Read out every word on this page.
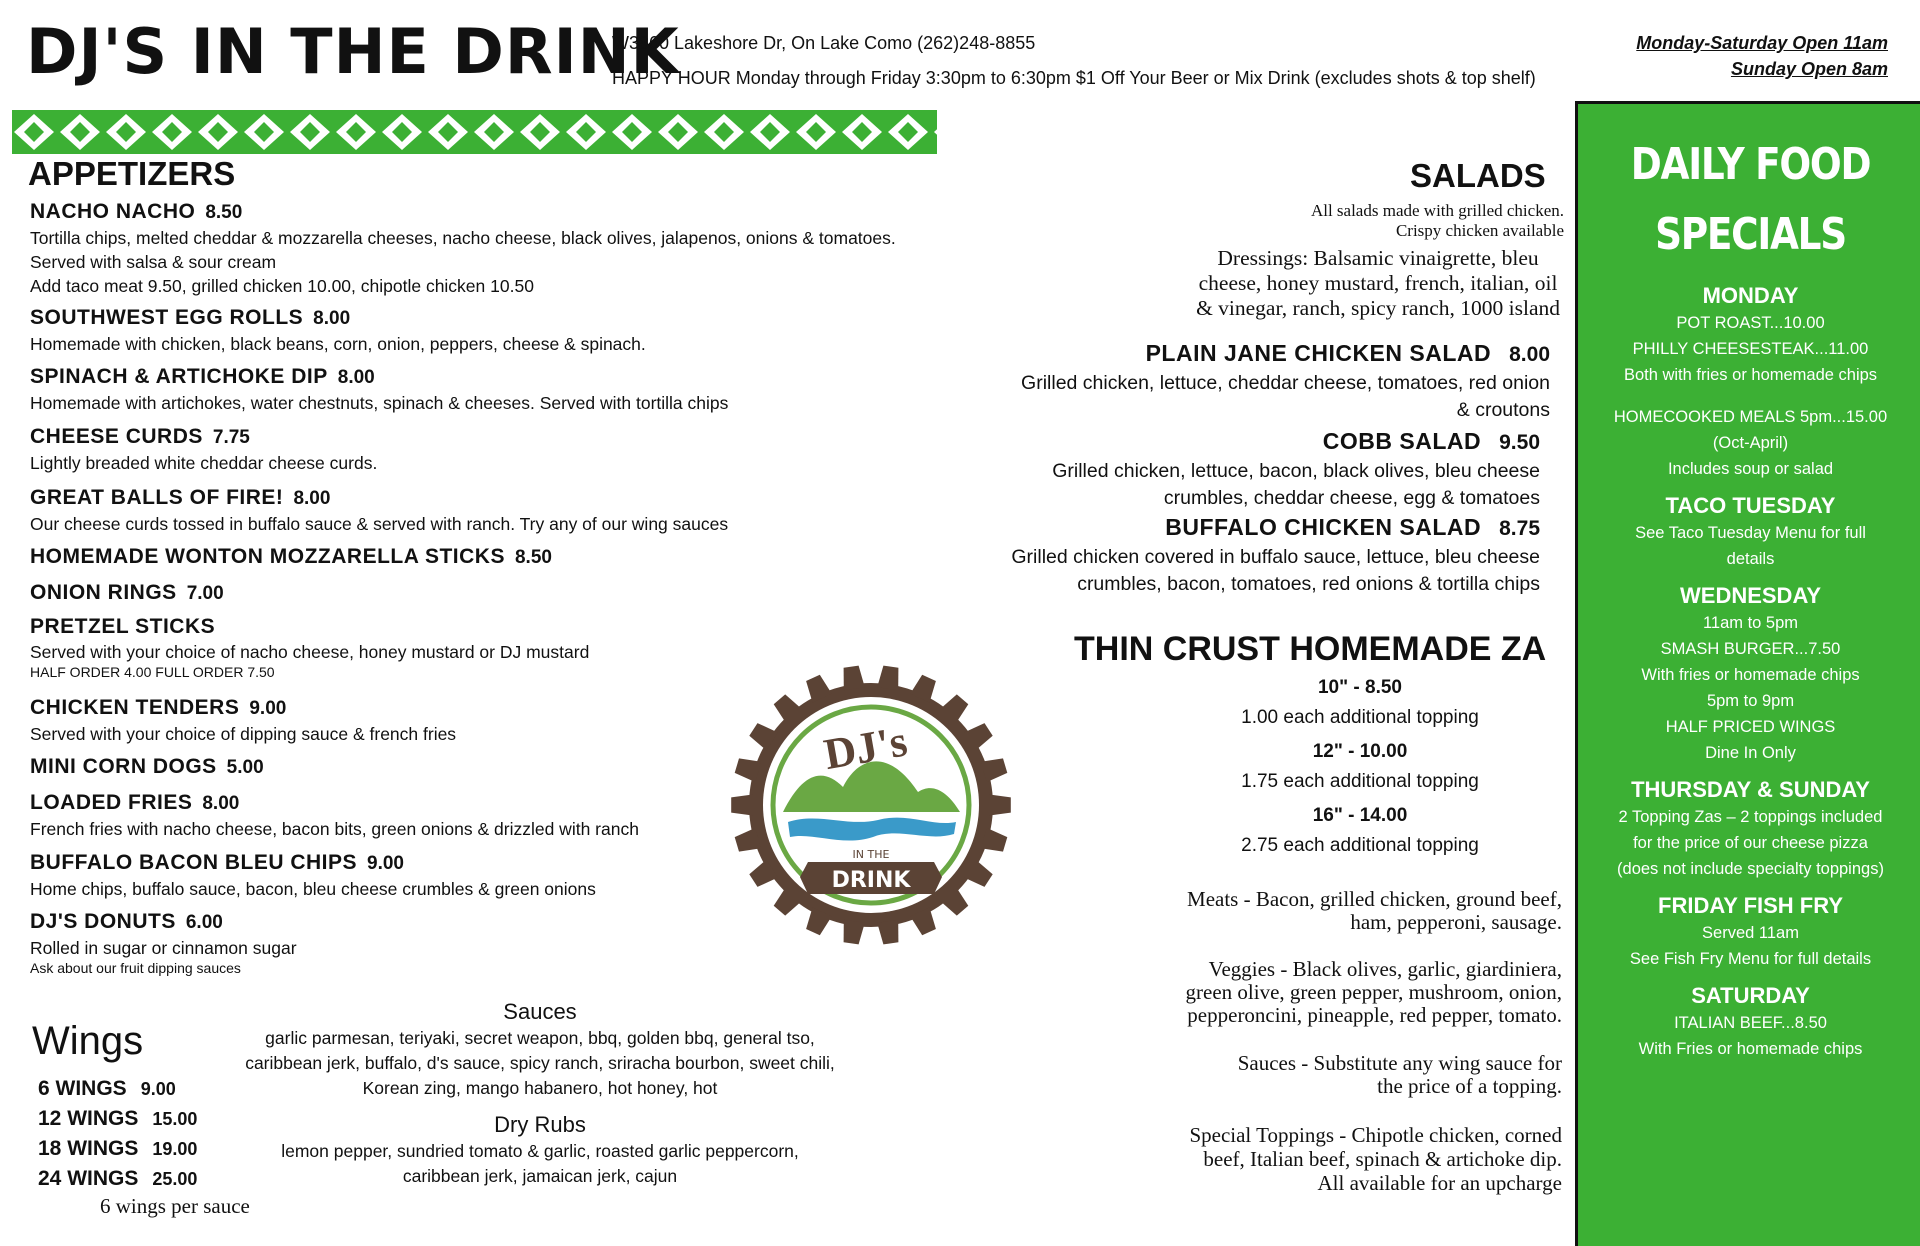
DJ'S IN THE DRINK
W3860 Lakeshore Dr, On Lake Como (262)248-8855
HAPPY HOUR Monday through Friday 3:30pm to 6:30pm $1 Off Your Beer or Mix Drink (excludes shots & top shelf)
Monday-Saturday Open 11am
Sunday Open 8am
APPETIZERS
NACHO NACHO 8.50
Tortilla chips, melted cheddar & mozzarella cheeses, nacho cheese, black olives, jalapenos, onions & tomatoes. Served with salsa & sour cream
Add taco meat 9.50, grilled chicken 10.00, chipotle chicken 10.50
SOUTHWEST EGG ROLLS 8.00
Homemade with chicken, black beans, corn, onion, peppers, cheese & spinach.
SPINACH & ARTICHOKE DIP 8.00
Homemade with artichokes, water chestnuts, spinach & cheeses. Served with tortilla chips
CHEESE CURDS 7.75
Lightly breaded white cheddar cheese curds.
GREAT BALLS OF FIRE! 8.00
Our cheese curds tossed in buffalo sauce & served with ranch. Try any of our wing sauces
HOMEMADE WONTON MOZZARELLA STICKS 8.50
ONION RINGS 7.00
PRETZEL STICKS
Served with your choice of nacho cheese, honey mustard or DJ mustard
HALF ORDER 4.00 FULL ORDER 7.50
CHICKEN TENDERS 9.00
Served with your choice of dipping sauce & french fries
MINI CORN DOGS 5.00
LOADED FRIES 8.00
French fries with nacho cheese, bacon bits, green onions & drizzled with ranch
BUFFALO BACON BLEU CHIPS 9.00
Home chips, buffalo sauce, bacon, bleu cheese crumbles & green onions
DJ'S DONUTS 6.00
Rolled in sugar or cinnamon sugar
Ask about our fruit dipping sauces
DJ's
IN THE
DRINK
Wings
6 WINGS 9.00
12 WINGS 15.00
18 WINGS 19.00
24 WINGS 25.00
6 wings per sauce
Sauces
garlic parmesan, teriyaki, secret weapon, bbq, golden bbq, general tso,
caribbean jerk, buffalo, d's sauce, spicy ranch, sriracha bourbon, sweet chili,
Korean zing, mango habanero, hot honey, hot
Dry Rubs
lemon pepper, sundried tomato & garlic, roasted garlic peppercorn,
caribbean jerk, jamaican jerk, cajun
SALADS
All salads made with grilled chicken.
Crispy chicken available
Dressings: Balsamic vinaigrette, bleu
cheese, honey mustard, french, italian, oil
& vinegar, ranch, spicy ranch, 1000 island
PLAIN JANE CHICKEN SALAD 8.00
Grilled chicken, lettuce, cheddar cheese, tomatoes, red onion
& croutons
COBB SALAD 9.50
Grilled chicken, lettuce, bacon, black olives, bleu cheese
crumbles, cheddar cheese, egg & tomatoes
BUFFALO CHICKEN SALAD 8.75
Grilled chicken covered in buffalo sauce, lettuce, bleu cheese
crumbles, bacon, tomatoes, red onions & tortilla chips
THIN CRUST HOMEMADE ZA
10" - 8.50
1.00 each additional topping
12" - 10.00
1.75 each additional topping
16" - 14.00
2.75 each additional topping
Meats - Bacon, grilled chicken, ground beef,
ham, pepperoni, sausage.
Veggies - Black olives, garlic, giardiniera,
green olive, green pepper, mushroom, onion,
pepperoncini, pineapple, red pepper, tomato.
Sauces - Substitute any wing sauce for
the price of a topping.
Special Toppings - Chipotle chicken, corned
beef, Italian beef, spinach & artichoke dip.
All available for an upcharge
DAILY FOOD
SPECIALS
MONDAY
POT ROAST...10.00
PHILLY CHEESESTEAK...11.00
Both with fries or homemade chips
HOMECOOKED MEALS 5pm...15.00
(Oct-April)
Includes soup or salad
TACO TUESDAY
See Taco Tuesday Menu for full
details
WEDNESDAY
11am to 5pm
SMASH BURGER...7.50
With fries or homemade chips
5pm to 9pm
HALF PRICED WINGS
Dine In Only
THURSDAY & SUNDAY
2 Topping Zas – 2 toppings included
for the price of our cheese pizza
(does not include specialty toppings)
FRIDAY FISH FRY
Served 11am
See Fish Fry Menu for full details
SATURDAY
ITALIAN BEEF...8.50
With Fries or homemade chips
